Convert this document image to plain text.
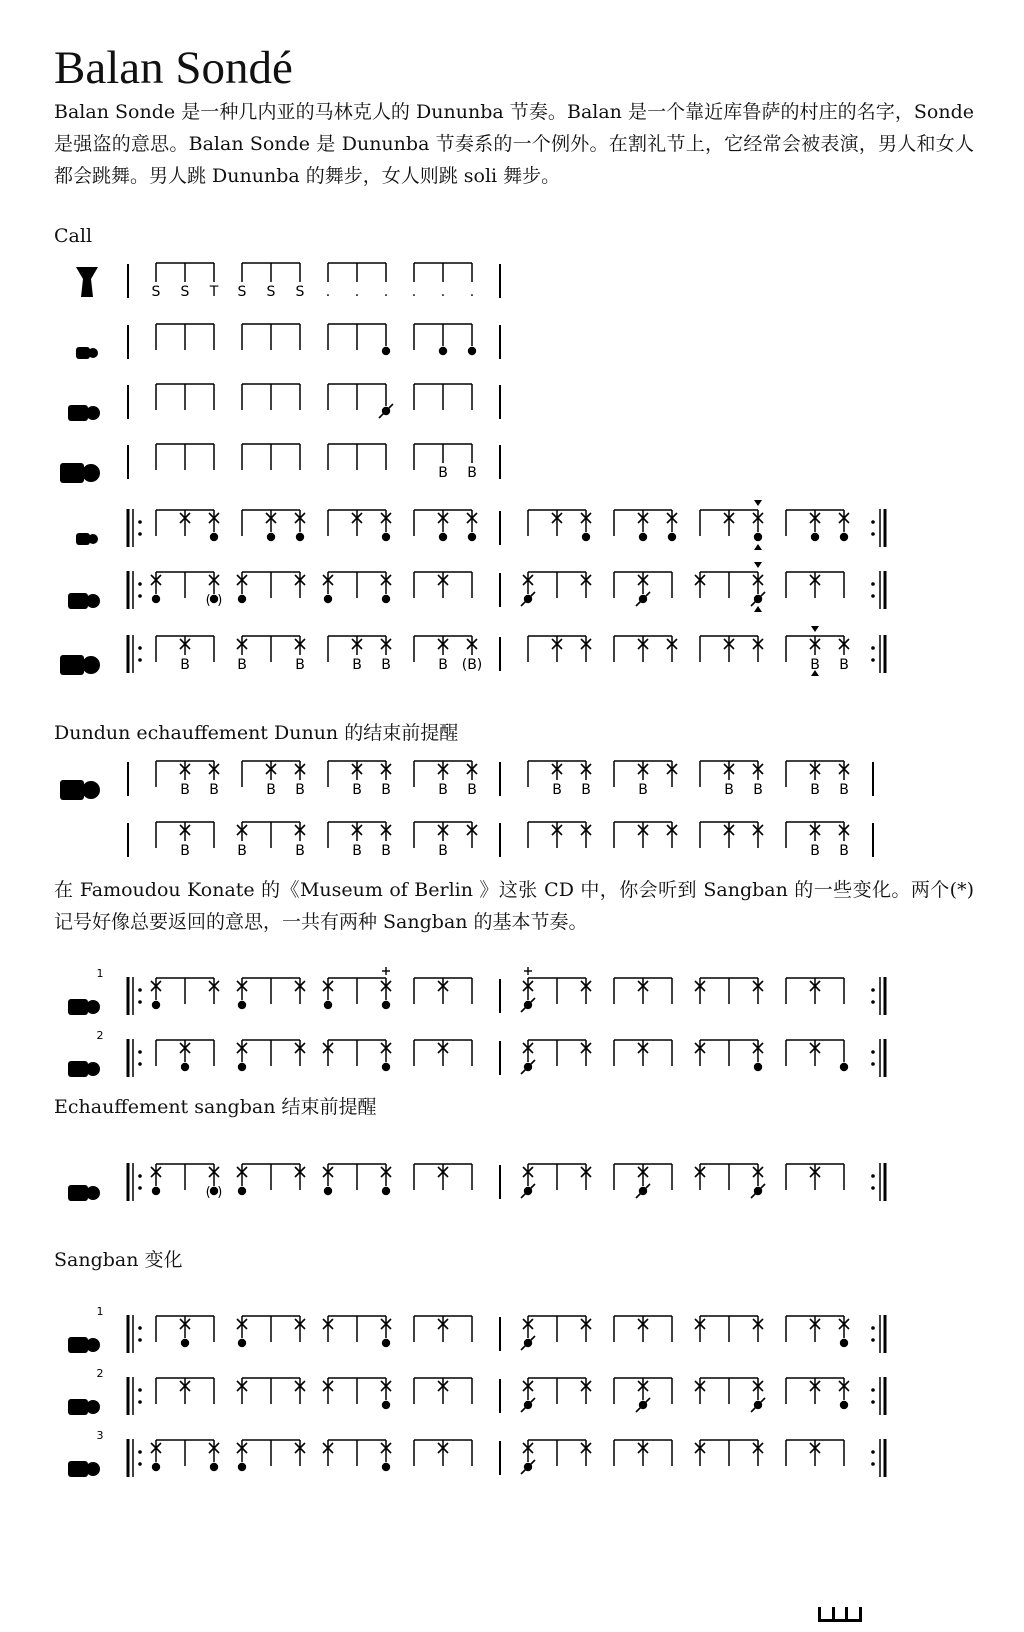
Balan Sondé

Balan Sonde 是一种几内亚的马林克人的 Dununba 节奏。Balan 是一个靠近库鲁萨的村庄的名字，Sonde 是强盗的意思。Balan Sonde 是 Dununba 节奏系的一个例外。在割礼节上，它经常会被表演，男人和女人都会跳舞。男人跳 Dununba 的舞步，女人则跳 soli 舞步。

Call
Dundun echauffement Dunun 的结束前提醒

在 Famoudou Konate 的《Museum of Berlin 》这张 CD 中，你会听到 Sangban 的一些变化。两个(*)记号好像总要返回的意思，一共有两种 Sangban 的基本节奏。

Echauffement sangban 结束前提醒
Sangban 变化
S S T S S S . . . . . .
B B
( )
B	B	B	B B	B (B)	B B
B B	B B	B B	B B	B B	B	B B	B B
B	B	B	B B	B	B B
1
2
( )
1
2
3
